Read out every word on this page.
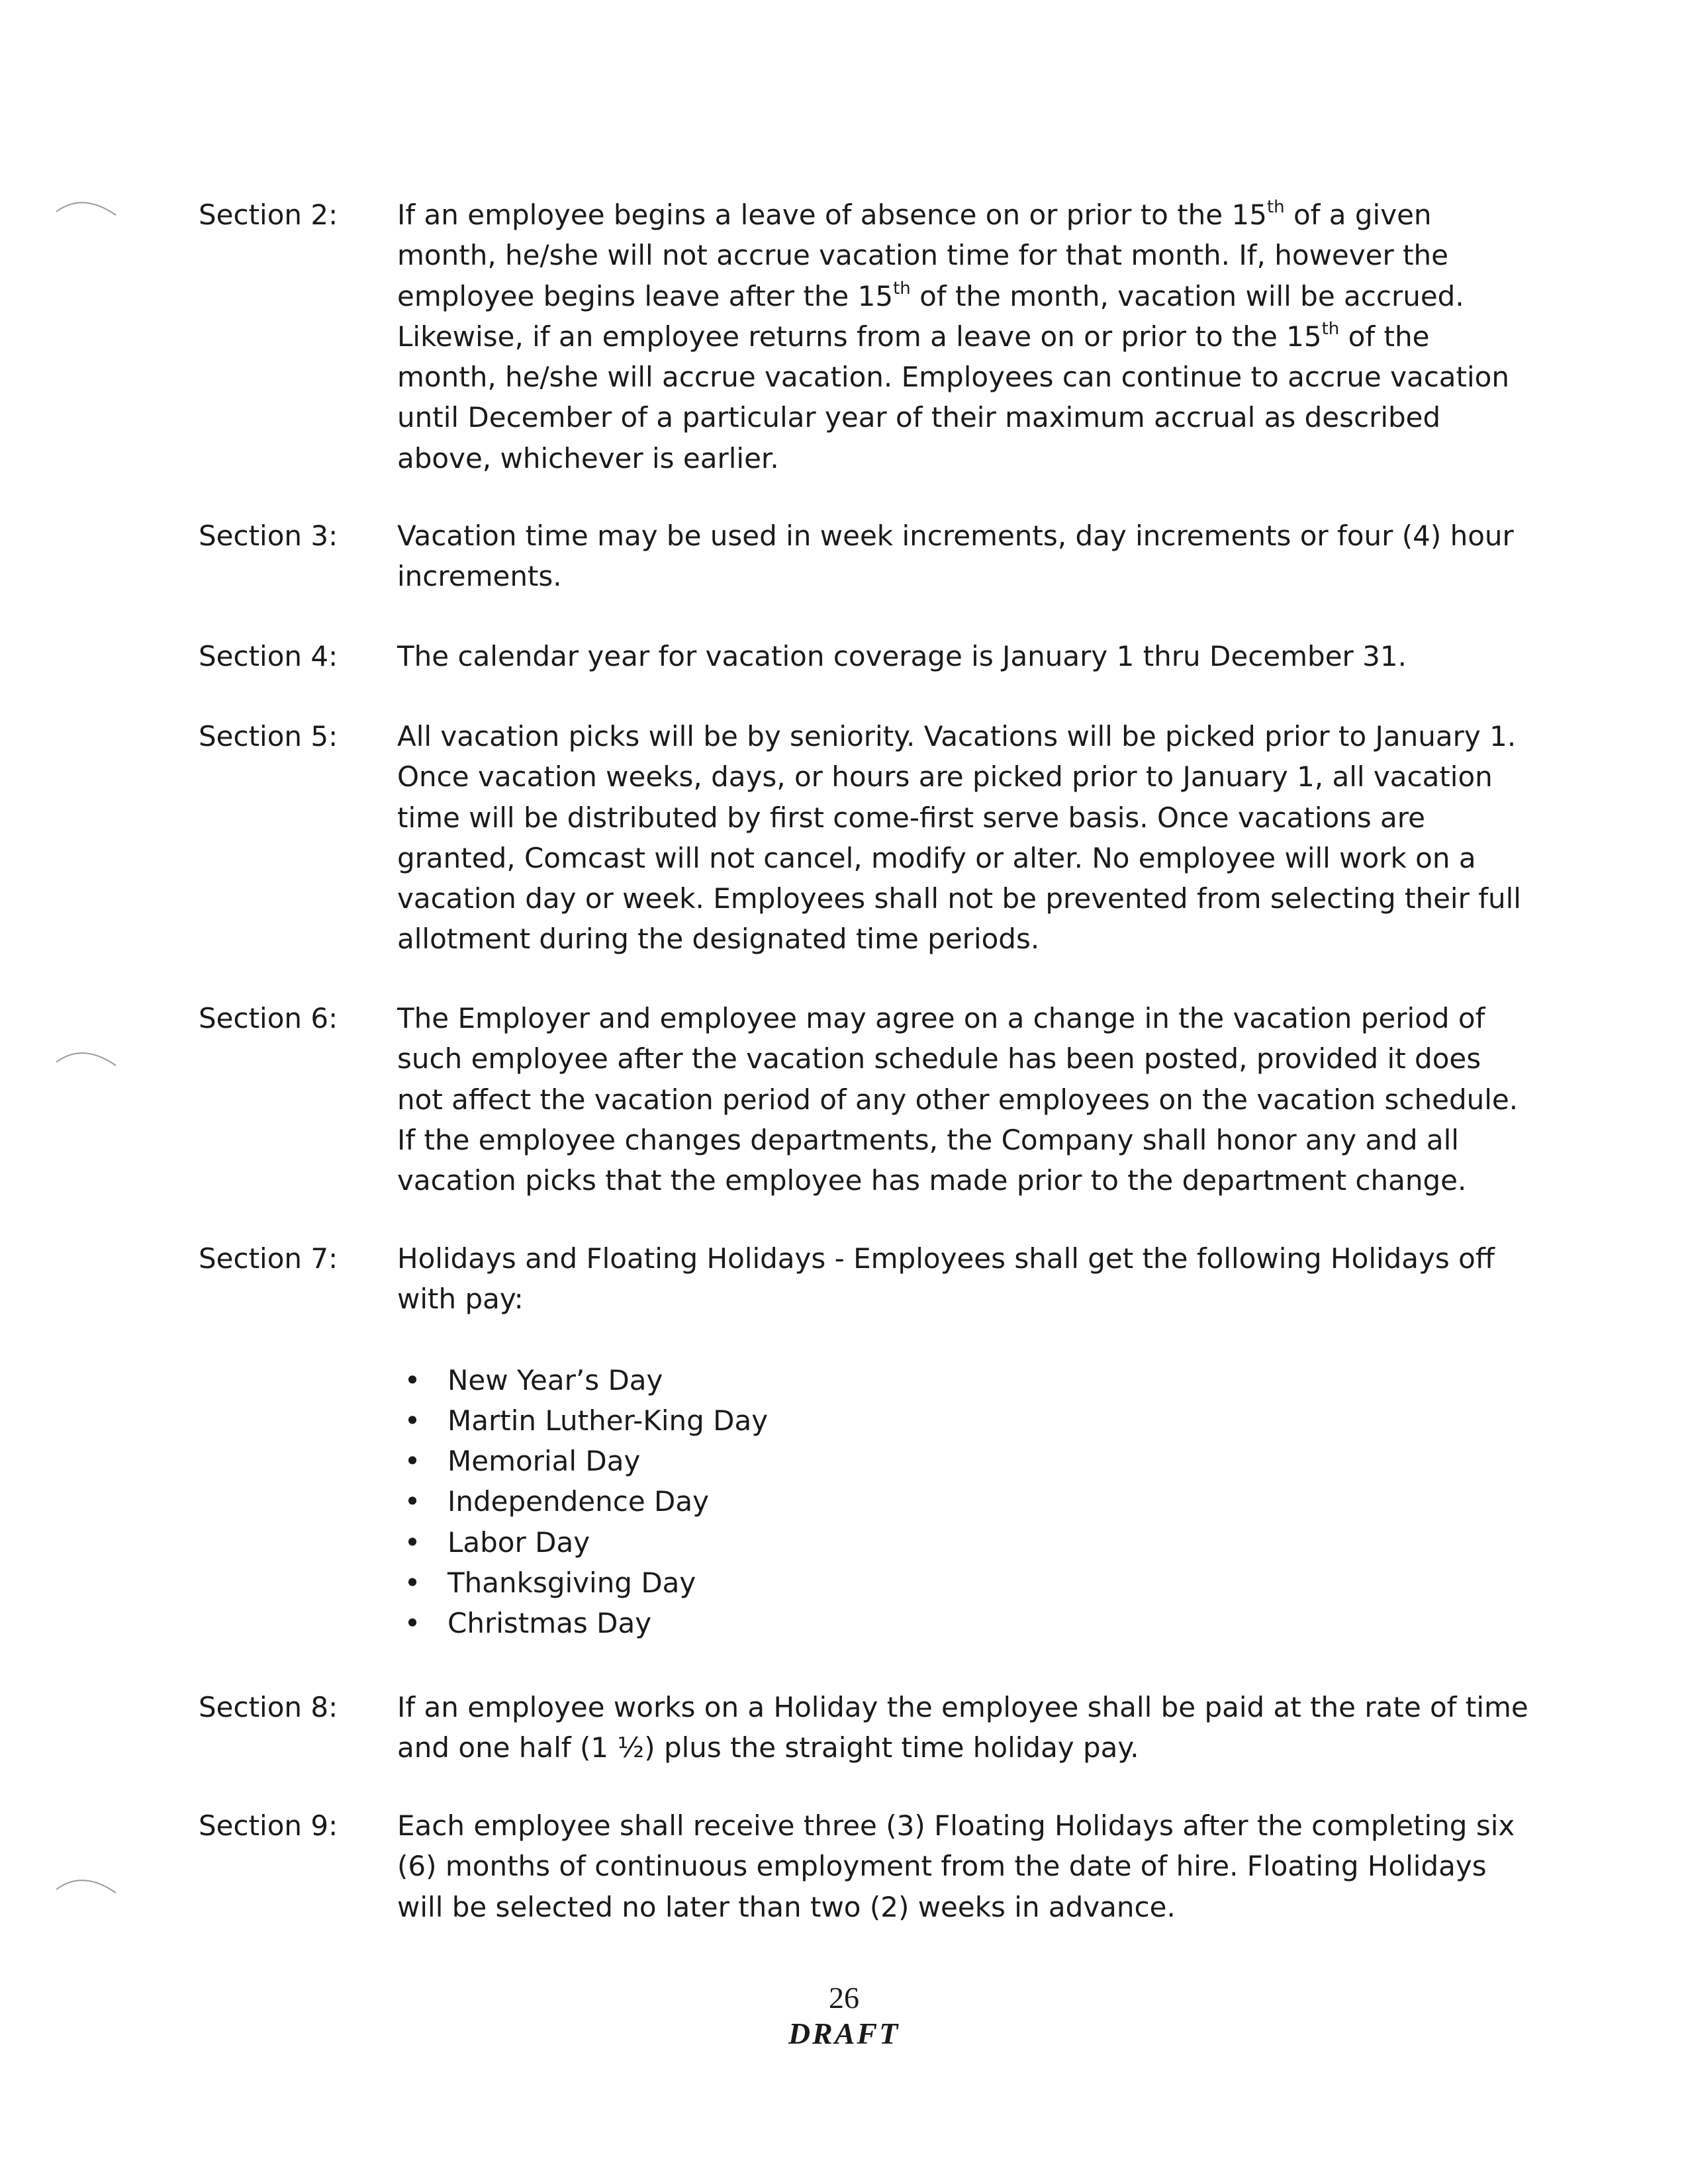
Section 2:	If an employee begins a leave of absence on or prior to the 15th of a given
month, he/she will not accrue vacation time for that month. If, however the
employee begins leave after the 15th of the month, vacation will be accrued.
Likewise, if an employee returns from a leave on or prior to the 15th of the
month, he/she will accrue vacation. Employees can continue to accrue vacation
until December of a particular year of their maximum accrual as described
above, whichever is earlier.
Section 3:	Vacation time may be used in week increments, day increments or four (4) hour
increments.
Section 4:	The calendar year for vacation coverage is January 1 thru December 31.
Section 5:	All vacation picks will be by seniority. Vacations will be picked prior to January 1.
Once vacation weeks, days, or hours are picked prior to January 1, all vacation
time will be distributed by first come-first serve basis. Once vacations are
granted, Comcast will not cancel, modify or alter. No employee will work on a
vacation day or week. Employees shall not be prevented from selecting their full
allotment during the designated time periods.
Section 6:	The Employer and employee may agree on a change in the vacation period of
such employee after the vacation schedule has been posted, provided it does
not affect the vacation period of any other employees on the vacation schedule.
If the employee changes departments, the Company shall honor any and all
vacation picks that the employee has made prior to the department change.
Section 7:	Holidays and Floating Holidays - Employees shall get the following Holidays off
with pay:
• New Year’s Day
• Martin Luther-King Day
• Memorial Day
• Independence Day
• Labor Day
• Thanksgiving Day
• Christmas Day
Section 8:	If an employee works on a Holiday the employee shall be paid at the rate of time
and one half (1 ½) plus the straight time holiday pay.
Section 9:	Each employee shall receive three (3) Floating Holidays after the completing six
(6) months of continuous employment from the date of hire. Floating Holidays
will be selected no later than two (2) weeks in advance.
26
DRAFT
